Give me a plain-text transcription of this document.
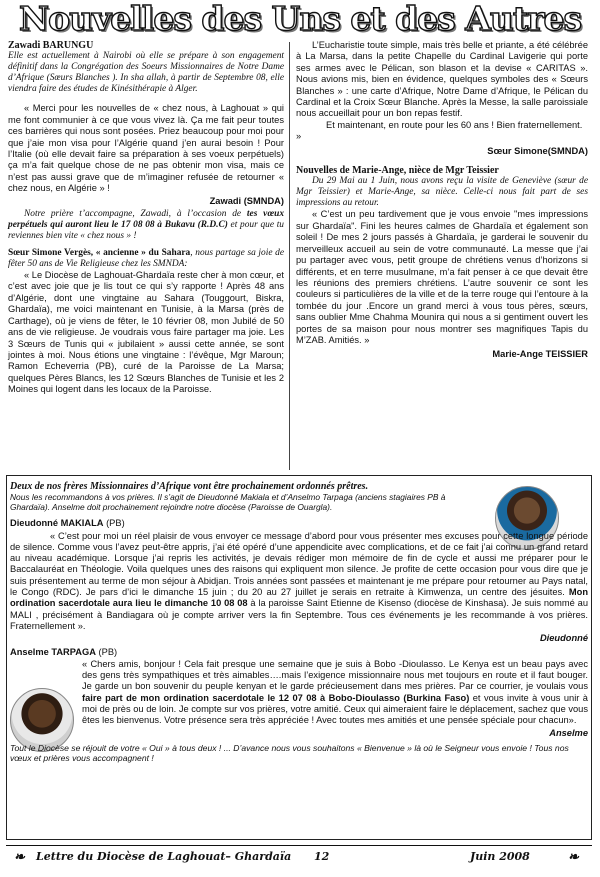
Nouvelles des Uns et des Autres

Zawadi BARUNGU

Elle est actuellement à Nairobi où elle se prépare à son engagement définitif dans la Congrégation des Soeurs Missionnaires de Notre Dame d’Afrique (Sœurs Blanches ). In sha allah, à partir de Septembre 08, elle viendra faire des études de Kinésithérapie à Alger.

« Merci pour les nouvelles de « chez nous, à Laghouat » qui me font communier à ce que vous vivez là. Ça me fait peur toutes ces barrières qui nous sont posées. Priez beaucoup pour moi pour que j’aie mon visa pour l’Algérie quand j’en aurai besoin ! Pour l’Italie (où elle devait faire sa préparation à ses voeux perpétuels) ça m’a fait quelque chose de ne pas obtenir mon visa, mais ce n’est pas aussi grave que de m’imaginer refusée de retourner « chez nous, en Algérie » !

Zawadi (SMNDA)

Notre prière t’accompagne, Zawadi, à l’occasion de tes vœux perpétuels qui auront lieu le 17 08 08 à Bukavu (R.D.C) et pour que tu reviennes bien vite « chez nous » !

Sœur Simone Vergès, « ancienne » du Sahara, nous partage sa joie de fêter 50 ans de Vie Religieuse chez les SMNDA:

« Le Diocèse de Laghouat-Ghardaïa reste cher à mon cœur, et c’est avec joie que je lis tout ce qui s’y rapporte ! Après 48 ans d’Algérie, dont une vingtaine au Sahara (Touggourt, Biskra, Ghardaïa), me voici maintenant en Tunisie, à la Marsa (près de Carthage), où je viens de fêter, le 10 février 08, mon Jubilé de 50 ans de vie religieuse. Je voudrais vous faire partager ma joie. Les 3 Sœurs de Tunis qui « jubilaient » aussi cette année, se sont jointes à moi. Nous étions une vingtaine : l’évêque, Mgr Maroun; Ramon Echeverria (PB), curé de la Paroisse de La Marsa; quelques Pères Blancs, les 12 Sœurs Blanches de Tunisie et les 2 Moines qui logent dans les locaux de la Paroisse.

L’Eucharistie toute simple, mais très belle et priante, a été célébrée à La Marsa, dans la petite Chapelle du Cardinal Lavigerie qui porte ses armes avec le Pélican, son blason et la devise « CARITAS ». Nous avions mis, bien en évidence, quelques symboles des « Sœurs Blanches » : une carte d’Afrique, Notre Dame d’Afrique, le Pélican du Cardinal et la Croix Sœur Blanche. Après la Messe, la salle paroissiale nous accueillait pour un bon repas festif.

Et maintenant, en route pour les 60 ans ! Bien fraternellement. »

Sœur Simone(SMNDA)

Nouvelles de Marie-Ange, nièce de Mgr Teissier

Du 29 Mai au 1 Juin, nous avons reçu la visite de Geneviève (sœur de Mgr Teissier) et Marie-Ange, sa nièce. Celle-ci nous fait part de ses impressions au retour.

« C’est un peu tardivement que je vous envoie "mes impressions sur Ghardaïa". Fini les heures calmes de Ghardaïa et également son soleil ! De mes 2 jours passés à Ghardaïa, je garderai le souvenir du merveilleux accueil au sein de votre communauté. La messe que j’ai pu partager avec vous, petit groupe de chrétiens venus d’horizons si différents, et en terre musulmane, m’a fait penser à ce que devait être les réunions des premiers chrétiens. L’autre souvenir ce sont les couleurs si particulières de la ville et de la terre rouge qui l’entoure à la tombée du jour .Encore un grand merci à vous tous pères, sœurs, sans oublier Mme Chahma Mounira qui nous a si gentiment ouvert les portes de sa maison pour nous montrer ses magnifiques Tapis du M’ZAB. Amitiés. »

Marie-Ange TEISSIER

Deux de nos frères Missionnaires d’Afrique vont être prochainement ordonnés prêtres.

Nous les recommandons à vos prières. Il s’agit de Dieudonné Makiala et d’Anselmo Tarpaga (anciens stagiaires PB à Ghardaïa). Anselme doit prochainement rejoindre notre diocèse (Paroisse de Ouargla).

Dieudonné MAKIALA (PB)

« C’est pour moi un réel plaisir de vous envoyer ce message d’abord pour vous présenter mes excuses pour cette longue période de silence. Comme vous l’avez peut-être appris, j’ai été opéré d’une appendicite avec complications, et de ce fait j’ai connu un grand retard au niveau académique. Lorsque j’ai repris les activités, je devais rédiger mon mémoire de fin de cycle et aussi me préparer pour le Baccalauréat en Théologie. Voila quelques unes des raisons qui expliquent mon silence. Je profite de cette occasion pour vous dire que je suis présentement au terme de mon séjour à Abidjan. Trois années sont passées et maintenant je me prépare pour retourner au Pays natal, le Congo (RDC). Je pars d’ici le dimanche 15 juin ; du 20 au 27 juillet je serais en retraite à Kimwenza, un centre des jésuites. Mon ordination sacerdotale aura lieu le dimanche 10 08 08 à la paroisse Saint Etienne de Kisenso (diocèse de Kinshasa). Je suis nommé au MALI , précisément à Bandiagara où je compte arriver vers la fin Septembre. Tous ces événements je les recommande à vos prières. Fraternellement ».

Dieudonné

Anselme TARPAGA (PB)

« Chers amis, bonjour ! Cela fait presque une semaine que je suis à Bobo -Dioulasso. Le Kenya est un beau pays avec des gens très sympathiques et très aimables….mais l’exigence missionnaire nous met toujours en route et il faut bouger. Je garde un bon souvenir du peuple kenyan et le garde précieusement dans mes prières. Par ce courrier, je voulais vous faire part de mon ordination sacerdotale le 12 07 08 à Bobo-Dioulasso (Burkina Faso) et vous invite à vous unir à moi de près ou de loin. Je compte sur vos prières, votre amitié. Ceux qui aimeraient faire le déplacement, sachez que vous êtes les bienvenus. Votre présence sera très appréciée ! Avec toutes mes amitiés et une pensée spéciale pour chacun».

Anselme

Tout le Diocèse se réjouit de votre « Oui » à tous deux ! ... D’avance nous vous souhaitons « Bienvenue » là où le Seigneur vous envoie ! Tous nos vœux et prières vous accompagnent !

❧ Lettre du Diocèse de Laghouat– Ghardaïa 12	Juin 2008	❧
